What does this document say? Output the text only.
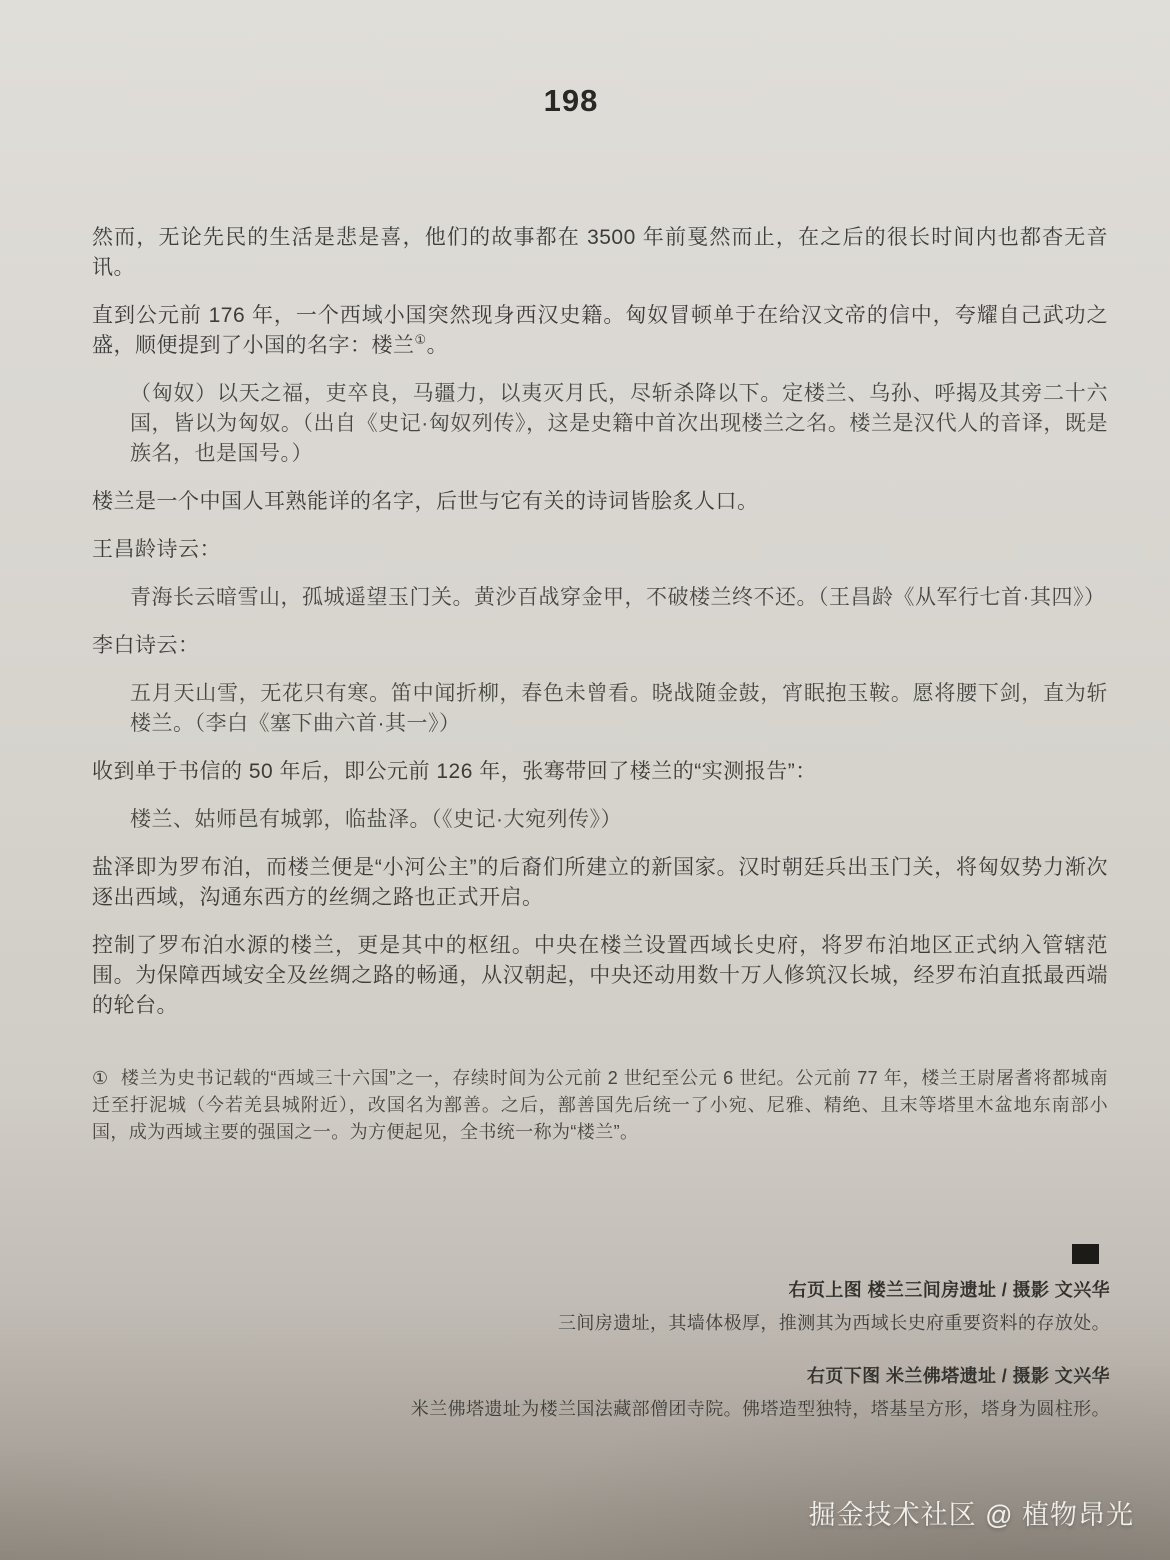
198

然而，无论先民的生活是悲是喜，他们的故事都在 3500 年前戛然而止，在之后的很长时间内也都杳无音讯。

直到公元前 176 年，一个西域小国突然现身西汉史籍。匈奴冒顿单于在给汉文帝的信中，夸耀自己武功之盛，顺便提到了小国的名字：楼兰①。

（匈奴）以天之福，吏卒良，马疆力，以夷灭月氏，尽斩杀降以下。定楼兰、乌孙、呼揭及其旁二十六国，皆以为匈奴。（出自《史记·匈奴列传》，这是史籍中首次出现楼兰之名。楼兰是汉代人的音译，既是族名，也是国号。）

楼兰是一个中国人耳熟能详的名字，后世与它有关的诗词皆脍炙人口。

王昌龄诗云：

青海长云暗雪山，孤城遥望玉门关。黄沙百战穿金甲，不破楼兰终不还。（王昌龄《从军行七首·其四》）

李白诗云：

五月天山雪，无花只有寒。笛中闻折柳，春色未曾看。晓战随金鼓，宵眠抱玉鞍。愿将腰下剑，直为斩楼兰。（李白《塞下曲六首·其一》）

收到单于书信的 50 年后，即公元前 126 年，张骞带回了楼兰的“实测报告”：

楼兰、姑师邑有城郭，临盐泽。（《史记·大宛列传》）

盐泽即为罗布泊，而楼兰便是“小河公主”的后裔们所建立的新国家。汉时朝廷兵出玉门关，将匈奴势力渐次逐出西域，沟通东西方的丝绸之路也正式开启。

控制了罗布泊水源的楼兰，更是其中的枢纽。中央在楼兰设置西域长史府，将罗布泊地区正式纳入管辖范围。为保障西域安全及丝绸之路的畅通，从汉朝起，中央还动用数十万人修筑汉长城，经罗布泊直抵最西端的轮台。

① 楼兰为史书记载的“西域三十六国”之一，存续时间为公元前 2 世纪至公元 6 世纪。公元前 77 年，楼兰王尉屠耆将都城南迁至扜泥城（今若羌县城附近），改国名为鄯善。之后，鄯善国先后统一了小宛、尼雅、精绝、且末等塔里木盆地东南部小国，成为西域主要的强国之一。为方便起见，全书统一称为“楼兰”。
右页上图 楼兰三间房遗址 / 摄影 文兴华
三间房遗址，其墙体极厚，推测其为西域长史府重要资料的存放处。
右页下图 米兰佛塔遗址 / 摄影 文兴华
米兰佛塔遗址为楼兰国法藏部僧团寺院。佛塔造型独特，塔基呈方形，塔身为圆柱形。
掘金技术社区 @ 植物昂光
